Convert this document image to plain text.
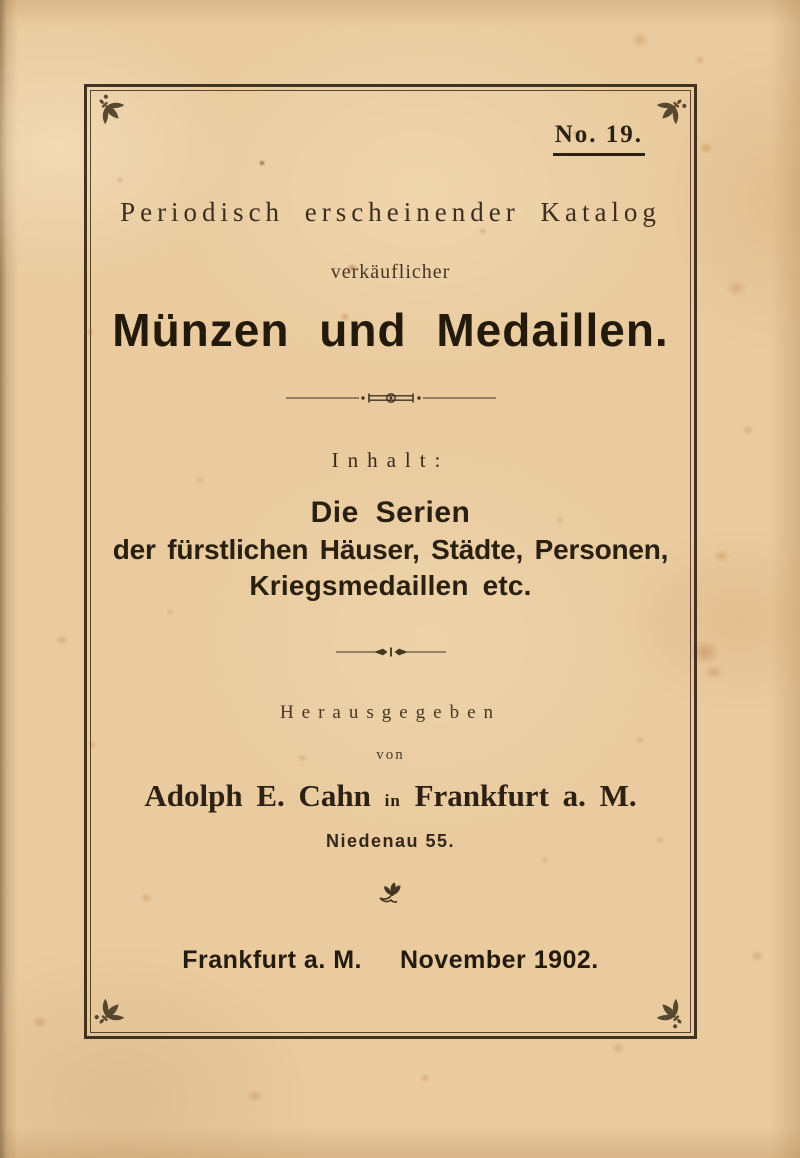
No. 19.
Periodisch erscheinender Katalog
verkäuflicher
Münzen und Medaillen.
Inhalt:
Die Serien
der fürstlichen Häuser, Städte, Personen,
Kriegsmedaillen etc.
Herausgegeben
von
Adolph E. Cahn in Frankfurt a. M.
Niedenau 55.
Frankfurt a. M. November 1902.
